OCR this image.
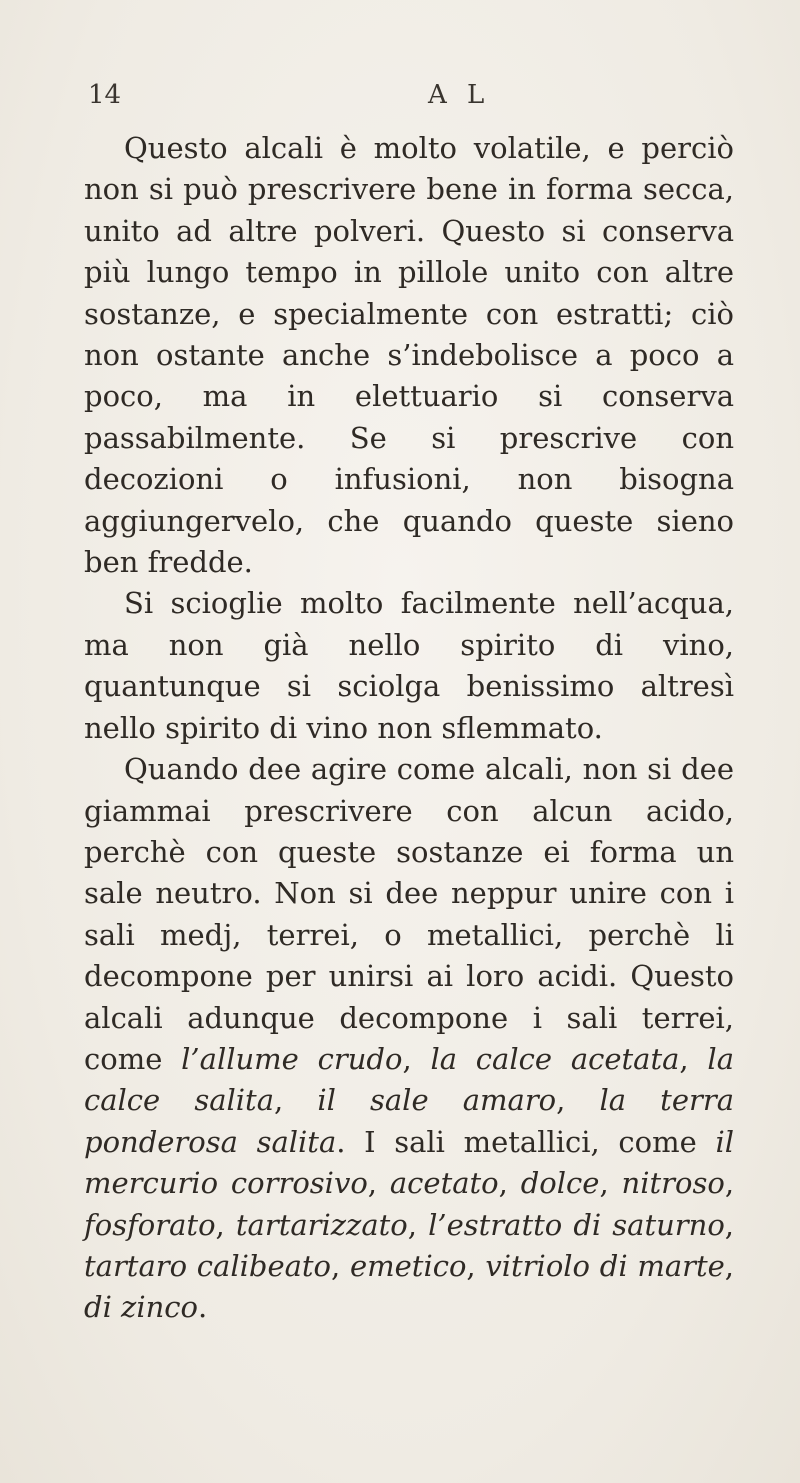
14	A L

Questo alcali è molto volatile, e perciò non si può prescrivere bene in forma secca, unito ad altre polveri. Questo si conserva più lungo tempo in pillole unito con altre sostanze, e specialmente con estratti; ciò non ostante anche s’indebolisce a poco a poco, ma in elettuario si conserva passabilmente. Se si prescrive con decozioni o infusioni, non bisogna aggiungervelo, che quando queste sieno ben fredde.

Si scioglie molto facilmente nell’acqua, ma non già nello spirito di vino, quantunque si sciolga benissimo altresì nello spirito di vino non sflemmato.

Quando dee agire come alcali, non si dee giammai prescrivere con alcun acido, perchè con queste sostanze ei forma un sale neutro. Non si dee neppur unire con i sali medj, terrei, o metallici, perchè li decompone per unirsi ai loro acidi. Questo alcali adunque decompone i sali terrei, come l’allume crudo, la calce acetata, la calce salita, il sale amaro, la terra ponderosa salita. I sali metallici, come il mercurio corrosivo, acetato, dolce, nitroso, fosforato, tartarizzato, l’estratto di saturno, tartaro calibeato, emetico, vitriolo di marte, di zinco.
